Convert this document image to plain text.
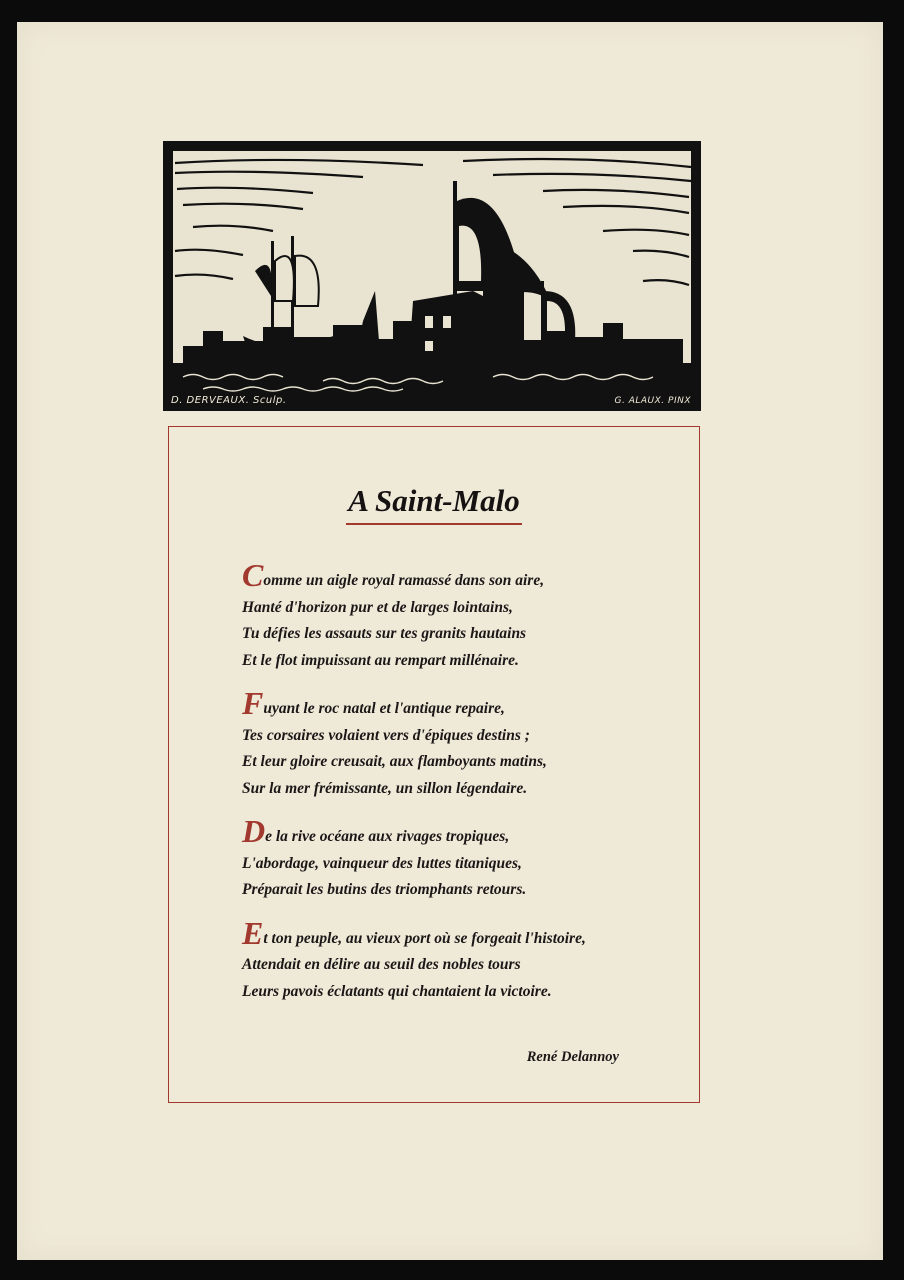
D. DERVEAUX. Sculp.	G. ALAUX. PINX
A Saint-Malo
Comme un aigle royal ramassé dans son aire,
Hanté d'horizon pur et de larges lointains,
Tu défies les assauts sur tes granits hautains
Et le flot impuissant au rempart millénaire.
Fuyant le roc natal et l'antique repaire,
Tes corsaires volaient vers d'épiques destins ;
Et leur gloire creusait, aux flamboyants matins,
Sur la mer frémissante, un sillon légendaire.
De la rive océane aux rivages tropiques,
L'abordage, vainqueur des luttes titaniques,
Préparait les butins des triomphants retours.
Et ton peuple, au vieux port où se forgeait l'histoire,
Attendait en délire au seuil des nobles tours
Leurs pavois éclatants qui chantaient la victoire.

René Delannoy
